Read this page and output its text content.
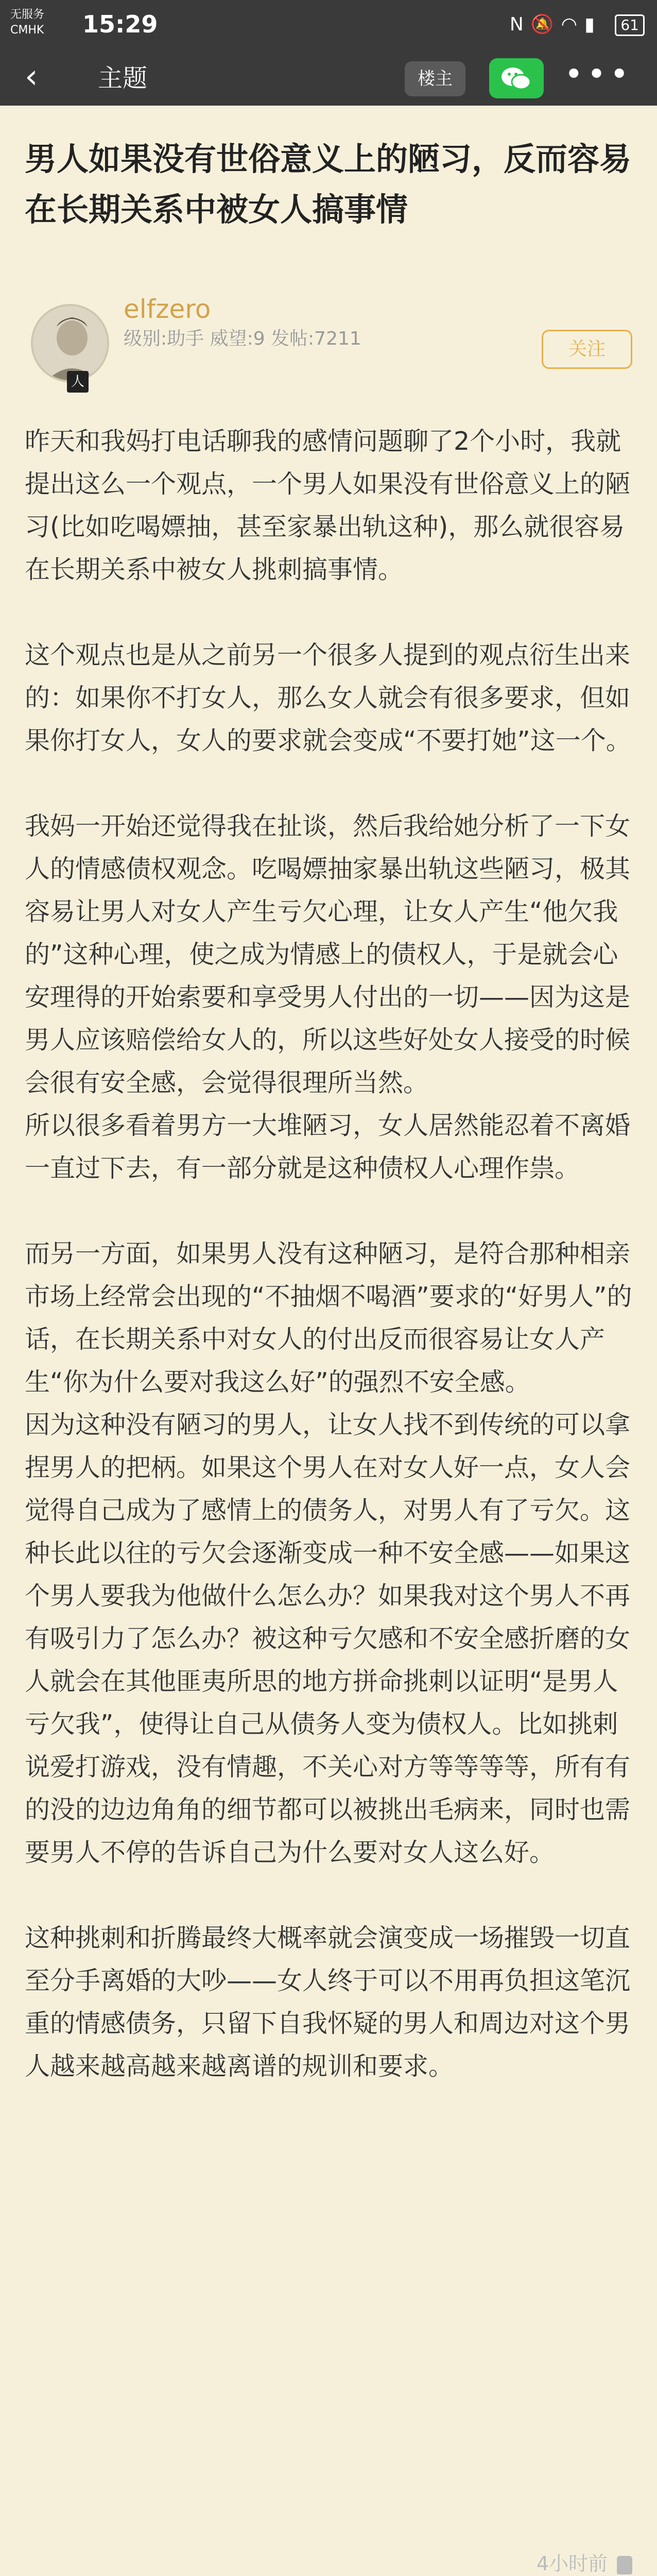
无服务
CMHK 15:29	N🔕◠▮ 61
‹ 主题	楼主	• • •
男人如果没有世俗意义上的陋习，反而容易在长期关系中被女人搞事情
人
elfzero
级别:助手 威望:9 发帖:7211	关注

昨天和我妈打电话聊我的感情问题聊了2个小时，我就提出这么一个观点，一个男人如果没有世俗意义上的陋习(比如吃喝嫖抽，甚至家暴出轨这种)，那么就很容易在长期关系中被女人挑刺搞事情。

这个观点也是从之前另一个很多人提到的观点衍生出来的：如果你不打女人，那么女人就会有很多要求，但如果你打女人，女人的要求就会变成“不要打她”这一个。

我妈一开始还觉得我在扯谈，然后我给她分析了一下女人的情感债权观念。吃喝嫖抽家暴出轨这些陋习，极其容易让男人对女人产生亏欠心理，让女人产生“他欠我的”这种心理，使之成为情感上的债权人，于是就会心安理得的开始索要和享受男人付出的一切——因为这是男人应该赔偿给女人的，所以这些好处女人接受的时候会很有安全感，会觉得很理所当然。

所以很多看着男方一大堆陋习，女人居然能忍着不离婚一直过下去，有一部分就是这种债权人心理作祟。

而另一方面，如果男人没有这种陋习，是符合那种相亲市场上经常会出现的“不抽烟不喝酒”要求的“好男人”的话，在长期关系中对女人的付出反而很容易让女人产生“你为什么要对我这么好”的强烈不安全感。

因为这种没有陋习的男人，让女人找不到传统的可以拿捏男人的把柄。如果这个男人在对女人好一点，女人会觉得自己成为了感情上的债务人，对男人有了亏欠。这种长此以往的亏欠会逐渐变成一种不安全感——如果这个男人要我为他做什么怎么办？如果我对这个男人不再有吸引力了怎么办？被这种亏欠感和不安全感折磨的女人就会在其他匪夷所思的地方拼命挑刺以证明“是男人亏欠我”，使得让自己从债务人变为债权人。比如挑剌说爱打游戏，没有情趣，不关心对方等等等等，所有有的没的边边角角的细节都可以被挑出毛病来，同时也需要男人不停的告诉自己为什么要对女人这么好。

这种挑刺和折腾最终大概率就会演变成一场摧毁一切直至分手离婚的大吵——女人终于可以不用再负担这笔沉重的情感债务，只留下自我怀疑的男人和周边对这个男人越来越高越来越离谱的规训和要求。

4小时前
